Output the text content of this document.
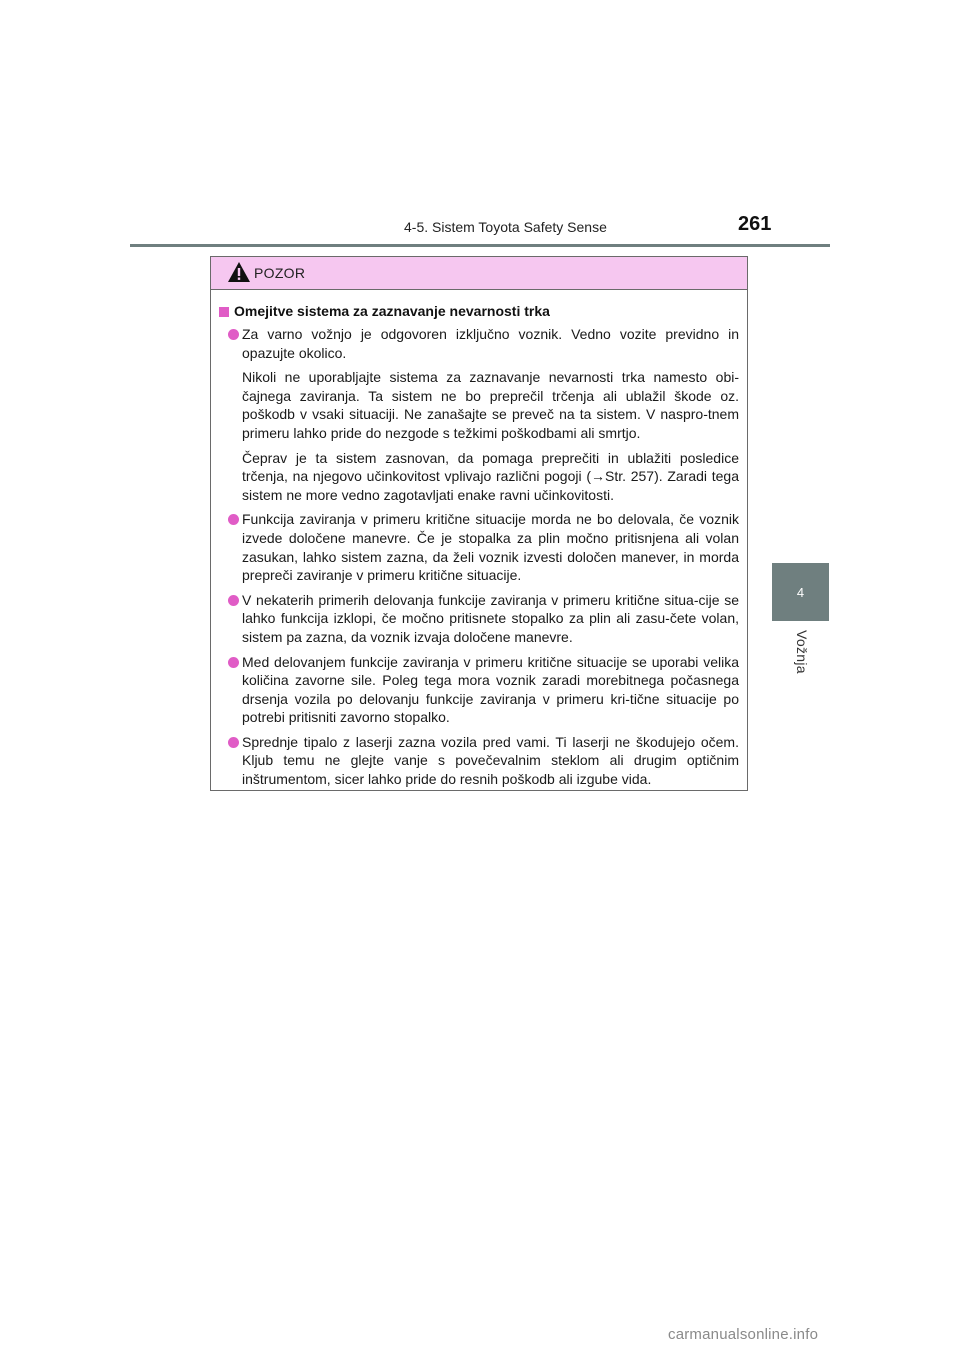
4-5. Sistem Toyota Safety Sense	261
4
Vožnja
POZOR
Omejitve sistema za zaznavanje nevarnosti trka

Za varno vožnjo je odgovoren izključno voznik. Vedno vozite previdno in opazujte okolico.

Nikoli ne uporabljajte sistema za zaznavanje nevarnosti trka namesto obi-čajnega zaviranja. Ta sistem ne bo preprečil trčenja ali ublažil škode oz. poškodb v vsaki situaciji. Ne zanašajte se preveč na ta sistem. V naspro-tnem primeru lahko pride do nezgode s težkimi poškodbami ali smrtjo.

Čeprav je ta sistem zasnovan, da pomaga preprečiti in ublažiti posledice trčenja, na njegovo učinkovitost vplivajo različni pogoji (→Str. 257). Zaradi tega sistem ne more vedno zagotavljati enake ravni učinkovitosti.

Funkcija zaviranja v primeru kritične situacije morda ne bo delovala, če voznik izvede določene manevre. Če je stopalka za plin močno pritisnjena ali volan zasukan, lahko sistem zazna, da želi voznik izvesti določen manever, in morda prepreči zaviranje v primeru kritične situacije.

V nekaterih primerih delovanja funkcije zaviranja v primeru kritične situa-cije se lahko funkcija izklopi, če močno pritisnete stopalko za plin ali zasu-čete volan, sistem pa zazna, da voznik izvaja določene manevre.

Med delovanjem funkcije zaviranja v primeru kritične situacije se uporabi velika količina zavorne sile. Poleg tega mora voznik zaradi morebitnega počasnega drsenja vozila po delovanju funkcije zaviranja v primeru kri-tične situacije po potrebi pritisniti zavorno stopalko.

Sprednje tipalo z laserji zazna vozila pred vami. Ti laserji ne škodujejo očem. Kljub temu ne glejte vanje s povečevalnim steklom ali drugim optičnim inštrumentom, sicer lahko pride do resnih poškodb ali izgube vida.

carmanualsonline.info
